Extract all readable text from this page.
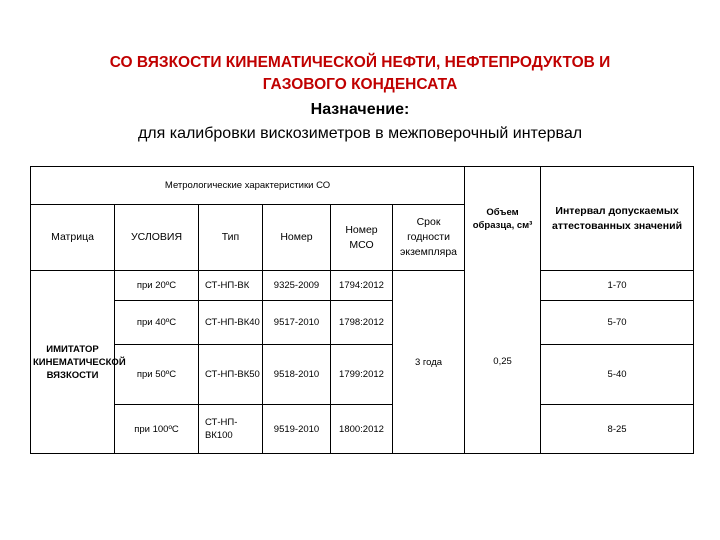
СО ВЯЗКОСТИ КИНЕМАТИЧЕСКОЙ НЕФТИ, НЕФТЕПРОДУКТОВ И
ГАЗОВОГО КОНДЕНСАТА
Назначение:
для калибровки вискозиметров в межповерочный интервал
Метрологические характеристики СО						Объем образца, см³	Интервал допускаемых аттестованных значений
Матрица	УСЛОВИЯ	Тип	Номер	Номер МСО	Срок годности экземпляра		
ИМИТАТОР КИНЕМАТИЧЕСКОЙ ВЯЗКОСТИ	при 20ºС	СТ-НП-ВК	9325-2009	1794:2012	3 года	0,25	1-70
	при 40ºС	СТ-НП-ВК40	9517-2010	1798:2012			5-70
	при 50ºС	СТ-НП-ВК50	9518-2010	1799:2012			5-40
	при 100ºС	СТ-НП-ВК100	9519-2010	1800:2012			8-25
